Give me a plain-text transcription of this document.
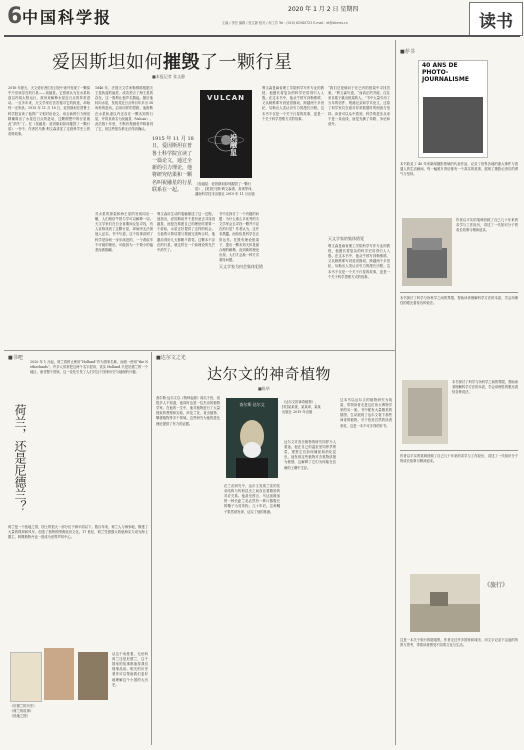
6 中国科学报	2020 年 1 月 2 日 星期四
主编 / 李芸 编辑 / 张文静 校对 / 何工芳 Tel：(010) 62580723 E-mail：dl@stimes.cn	读书
爱因斯坦如何摧毁了一颗行星
■本报记者 张文静
2016 年夏天，天文爱好者们在讨论中意外发现了一颗似乎不应该存在的行星——祝融星。它曾被认为在水星轨道以内绕太阳运行，被用来解释水星近日点的异常进动。一百多年来，天文学家们苦苦搜寻它的踪迹，却始终一无所获。1915 年 11 月 18 日，爱因斯坦在普鲁士科学院宣读了他的广义相对论论文，用全新的引力理论精确算出了水星近日点的进动，这颗假想中的行星就此“消失”了。在《祝融星：爱因斯坦如何摧毁了一颗行星》一书中，作者托马斯·利文森讲述了这段科学史上的奇特故事。
1846 年，法国天文学家勒维耶根据天王星轨道的偏差，成功预言了海王星的存在。这一胜利让他声名鹊起。随后他转向水星，发现其近日点每百年多出 38 角秒的进动。沿用同样的思路，他推断在水星轨道以内还存在一颗未知的行星，并将其命名为祝融星（Vulcan）。此后数十年里，不断有观测者声称看到了它，但这些报告都无法得到确认。
1915 年 11 月 18 日，爱因斯坦在普鲁士科学院宣读了一篇论文，通过全新的引力理论，他将研究结果和一颗名叫祝融星的行星联系在一起。
VULCAN
祝融星
《祝融星：爱因斯坦如何摧毁了一颗行星》，[美]托马斯·利文森著，高爽等译，湖南科学技术出版社 2019 年 11 月出版
对水星的探索和海王星的发现同出一辙，人们相信牛顿力学可以解释一切。天文学家们在日全食期间反复寻找，有人宣称找到了这颗行星，却始终无法被他人证实。书中写道，这个故事说明了科学是如何一步步演进的，一个看似牢不可破的理论，可能因为一个微小的偏差而被推翻。
利文森用生动的笔触描述了这一过程。他指出，爱因斯坦并不是有意去寻找祝融星，而是在构建自己的理论时需要一个检验，水星正好提供了这样的机会。当他的计算结果与观测完美吻合时，他激动得好几天都睡不着觉。这颗本不存在的行星，就这样在一个新理论的光芒中消失了。
书中还探讨了一个有趣的问题：为什么那么多优秀的天文学家会去寻找一颗并不存在的行星？作者认为，这并非愚蠢，而恰恰是科学在正常运作。在既有理论框架下，提出一颗未知天体是最合理的解释。直到新的理论出现，人们才会换一种方式看待问题。
天文学家为何会集体犯错
利文森是麻省理工学院科学写作专业的教授，他擅长将复杂的科学史讲得引人入胜。在这本书中，他从牛顿写到勒维耶，又从勒维耶写到爱因斯坦，跨越两个多世纪，勾勒出人类认识引力的漫长历程。这本书不仅是一个关于行星的故事，更是一个关于科学思维方式的故事。
“我们总是倾向于在已有的框架中寻找答案，”利文森写道，“而真正的突破，往往来自敢于跳出框架的人。”书中大量引用了当年的信件、观测记录和学术论文，还原了科学家们在面对异常数据时的困惑与坚持。读者可以从中看到，科学的进步从来不是一条直线，而是充满了弯路、争论和意外。
天文学家的集体错觉
利文森是麻省理工学院科学写作专业的教授，他擅长将复杂的科学史讲得引人入胜。在这本书中，他从牛顿写到勒维耶，又从勒维耶写到爱因斯坦，跨越两个多世纪，勾勒出人类认识引力的漫长历程。这本书不仅是一个关于行星的故事，更是一个关于科学思维方式的故事。
■荐书
40 ANS DE PHOTO-JOURNALISME
本书收录了 40 年来新闻摄影领域的代表作品，记录了世界各地的重大事件与普通人的生活瞬间。每一幅照片背后都有一个真实的故事，展现了摄影记者们的勇气与坚持。
作者以平实的笔调回顾了自己几十年来的求学与工作经历，讲述了一代知识分子的成长故事与精神追求。
本书探讨了科学与伪科学之间的界限，帮助读者理解科学方法的本质，学会用理性的眼光看待各种说法。
本书探讨了科学与伪科学之间的界限，帮助读者理解科学方法的本质，学会用理性的眼光看待各种说法。
作者以平实的笔调回顾了自己几十年来的求学与工作经历，讲述了一代知识分子的成长故事与精神追求。
《旅行》
这是一本关于旅行的随笔集，作者走过许多国家和城市，用文字记录下沿途的风景与思考，带领读者感受不同的文化与生活。
■书吧
荷兰，还是尼德兰？
2020 年 1 月起，荷兰将停止使用“Holland”作为国家名称，而统一使用“the Netherlands”。许多人常常把这两个名字混用，其实 Holland 只是尼德兰的一个地区，而非整个国家。这一变化引发了人们对这个国家历史与地理的兴趣。
荷兰是一个低地之国，国土的很大一部分位于海平面以下。数百年来，荷兰人与海争地，修建了大量的堤坝和风车，创造了独特的围海造田文化。17 世纪，荷兰凭借强大的航海实力成为海上霸主，阿姆斯特丹也一度成为世界贸易中心。
《尼德兰的历史》
《荷兰的故事》
《低地之国》
从这个角度看，无论叫荷兰还是尼德兰，这个国家的故事都值得我们细细品读。相关的历史著作可以帮助我们更好地理解这个小国的大历史。
■达尔文之光
达尔文的神奇植物
■陈华
查尔斯·达尔文以《物种起源》闻名于世，但很多人不知道，他同时也是一位杰出的植物学家。在他的一生中，他对植物进行了大量细致的观察和实验，涉及兰花、食虫植物、攀援植物等多个领域。这些研究为他的进化理论提供了有力的证据。
查尔斯·达尔文	《达尔文的神奇植物》，[英]某某著，某某译，某某出版社 2019 年出版
在兰花研究中，达尔文发现兰花的花朵结构与传粉昆虫之间存在着精妙的对应关系。他甚至预言，马达加斯加的一种长距兰花必然有一种口器极长的蛾子为其传粉。几十年后，这种蛾子果然被发现，证实了他的推测。
达尔文对食虫植物的研究同样令人着迷。他在自己的温室里饲养茅膏菜，观察它们如何捕捉和消化昆虫。他发现这些植物对含氮物质极为敏感，这解释了它们为何能在贫瘠的土壤中生存。
这本书以达尔文的植物研究为线索，带领读者走进这位伟大博物学家的另一面。书中配有大量精美的插图，生动展现了达尔文笔下那些神奇的植物。对于热爱自然的读者来说，这是一本不可多得的好书。
